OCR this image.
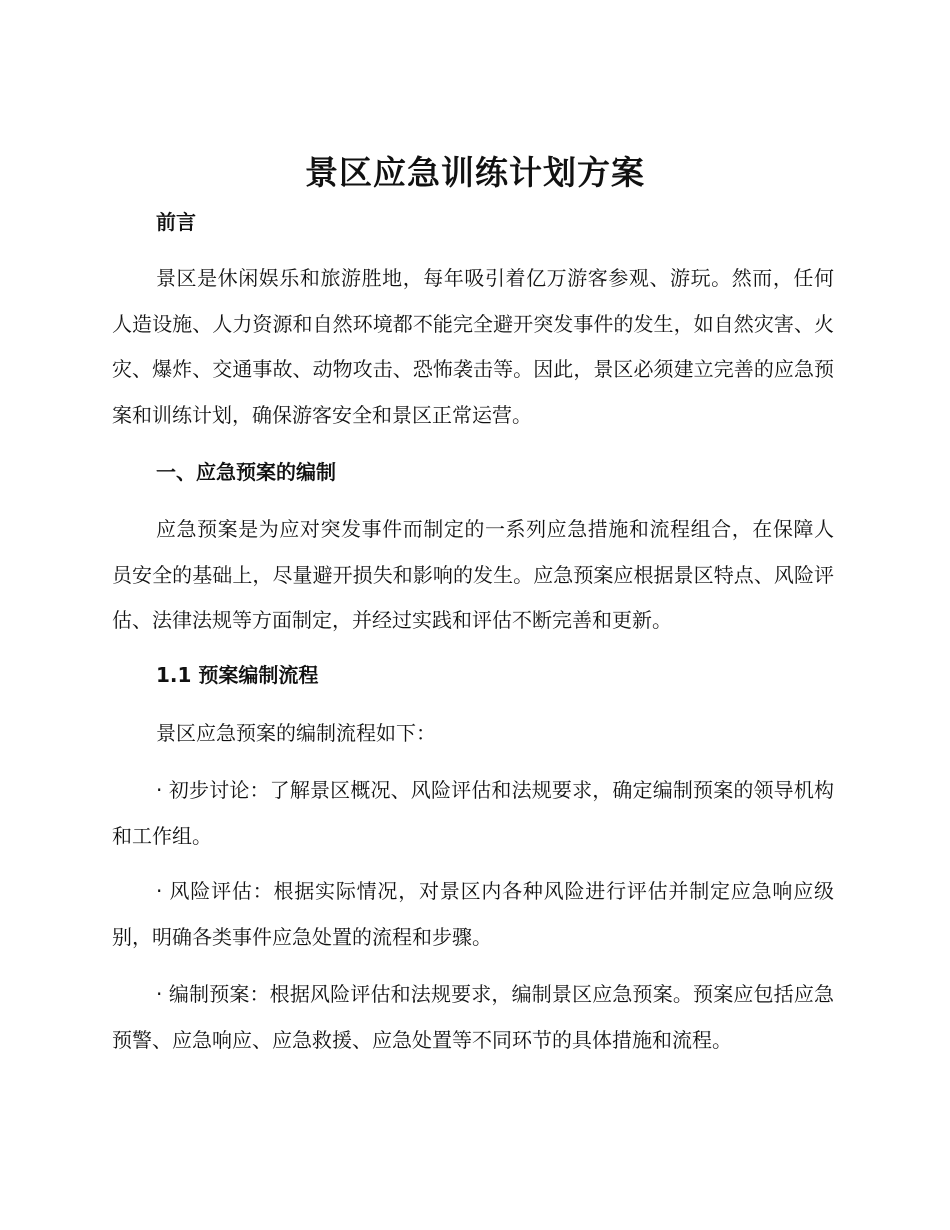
景区应急训练计划方案
前言

景区是休闲娱乐和旅游胜地，每年吸引着亿万游客参观、游玩。然而，任何人造设施、人力资源和自然环境都不能完全避开突发事件的发生，如自然灾害、火灾、爆炸、交通事故、动物攻击、恐怖袭击等。因此，景区必须建立完善的应急预案和训练计划，确保游客安全和景区正常运营。

一、应急预案的编制

应急预案是为应对突发事件而制定的一系列应急措施和流程组合，在保障人员安全的基础上，尽量避开损失和影响的发生。应急预案应根据景区特点、风险评估、法律法规等方面制定，并经过实践和评估不断完善和更新。

1.1 预案编制流程

景区应急预案的编制流程如下：

· 初步讨论：了解景区概况、风险评估和法规要求，确定编制预案的领导机构和工作组。

· 风险评估：根据实际情况，对景区内各种风险进行评估并制定应急响应级别，明确各类事件应急处置的流程和步骤。

· 编制预案：根据风险评估和法规要求，编制景区应急预案。预案应包括应急预警、应急响应、应急救援、应急处置等不同环节的具体措施和流程。
